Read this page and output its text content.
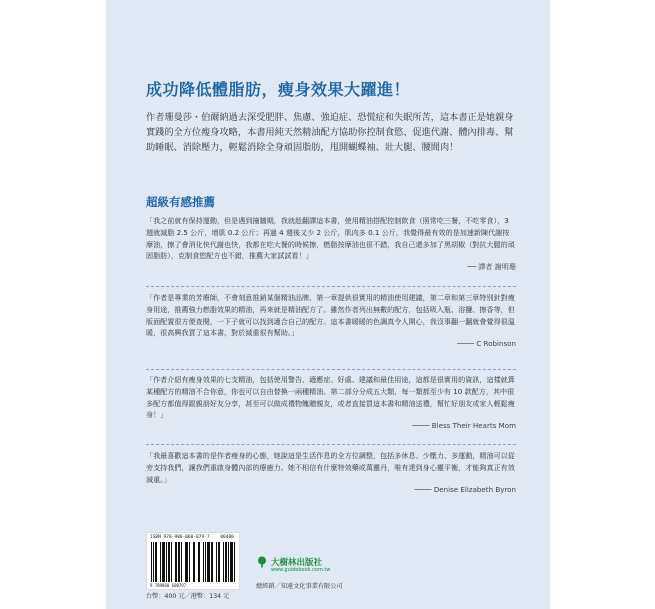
成功降低體脂肪，瘦身效果大躍進！
作者珊曼莎・伯爾納過去深受肥胖、焦慮、強迫症、恐慌症和失眠所苦，這本書正是她親身實踐的全方位瘦身攻略，本書用純天然精油配方協助你控制食慾、促進代謝、體內排毒、幫助睡眠、消除壓力，輕鬆消除全身頑固脂肪，甩開蝴蝶袖、壯大腿、腰間肉！
超級有感推薦
「我之前就有保持運動，但是遇到撞牆期，我就趁翻譯這本書，使用精油搭配控制飲食（照常吃三餐，不吃零食），3 週就減脂 2.5 公斤，增肌 0.2 公斤；再過 4 週後又少 2 公斤，肌肉多 0.1 公斤，我覺得最有效的是加速新陳代謝按摩油，擦了會消化快代謝也快，我都在吃大餐的時候擦，燃脂按摩油也很不錯，我自己還多加了黑胡椒（對抗大腿的頑固脂肪），克制食慾配方也不錯，推薦大家試試看！」
── 譯者 謝明珊
「作者是專業的芳療師，不會刻意推銷某個精油品牌，第一章提供很實用的精油使用建議，第二章和第三章特別針對瘦身用途，推薦強力燃脂效果的精油，再來就是精油配方了。雖然作者列出無數的配方，包括吸入瓶、浴鹽、擦香等，但版面配置很方便查閱，一下子就可以找到適合自己的配方。這本書暖暖的色調真令人開心，我沒事翻一翻就會覺得很溫暖，很高興我買了這本書，對於減重很有幫助。」
──── C Robinson
「作者介紹有瘦身效果的七支精油，包括使用警告、適應症、好處、建議和最佳用途，這都是很實用的資訊，這樣就算某種配方的精油不合你意，你也可以自由替換一兩種精油。第二部分分成五大類，每一類都至少有 10 款配方，其中很多配方都值得跟親朋好友分享，甚至可以做成禮物餽贈親友，或者直接買這本書和精油送禮，幫忙好朋友或家人輕鬆瘦身！」
──── Bless Their Hearts Mom
「我最喜歡這本書的是作者瘦身的心態，她說這是生活作息的全方位調整，包括多休息、少壓力、多運動，精油可以從旁支持我們，讓我們重啟身體內部的療癒力。她不相信有什麼特效藥或萬靈丹，唯有達到身心靈平衡，才能夠真正有效減重。」
──── Denise Elizabeth Byron
ISBN 978-986-060-079-7 00400
9 789860 600797
台幣：400 元／港幣：134 元
大樹林出版社
www.guidebook.com.tw
總經銷／知遠文化事業有限公司
